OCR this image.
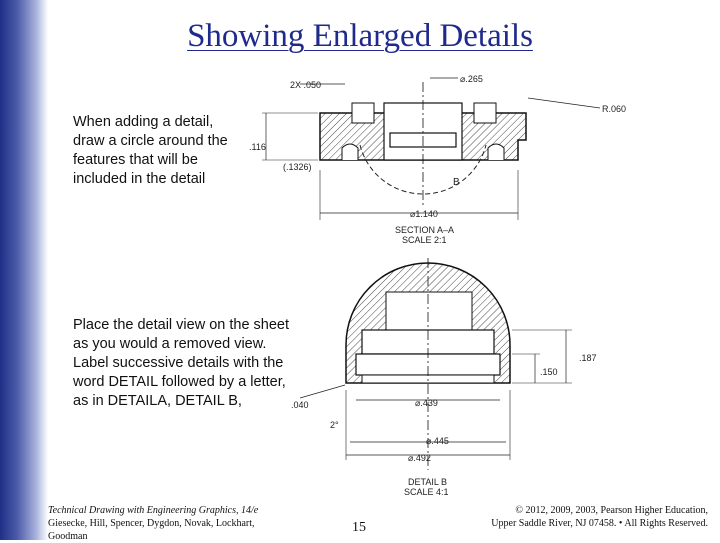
Showing Enlarged Details
When adding a detail, draw a circle around the features that will be included in the detail
Place the detail view on the sheet as you would a removed view. Label successive details with the word DETAIL followed by a letter, as in DETAILA, DETAIL B,
2X .050
⌀.265
R.060
.116
(.1326)
B
⌀1.140
SECTION A–A
SCALE 2:1
.187
.150
.040
2°
⌀.439
⌀.445
⌀.492
DETAIL B
SCALE 4:1
Technical Drawing with Engineering Graphics, 14/e
Giesecke, Hill, Spencer, Dygdon, Novak, Lockhart, Goodman
15
© 2012, 2009, 2003, Pearson Higher Education,
Upper Saddle River, NJ 07458. • All Rights Reserved.
